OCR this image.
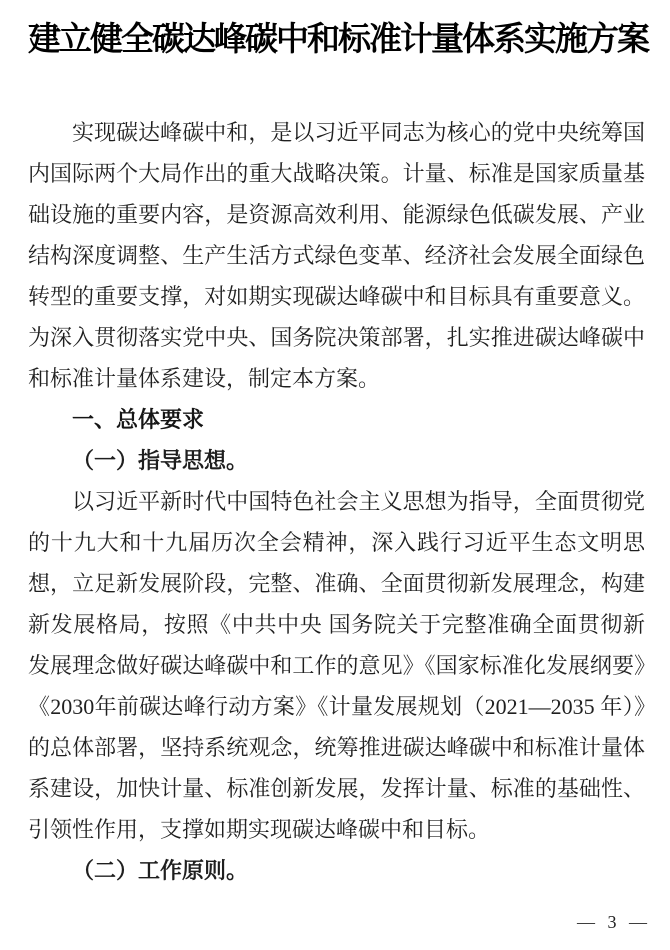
建立健全碳达峰碳中和标准计量体系实施方案

实现碳达峰碳中和，是以习近平同志为核心的党中央统筹国内国际两个大局作出的重大战略决策。计量、标准是国家质量基础设施的重要内容，是资源高效利用、能源绿色低碳发展、产业结构深度调整、生产生活方式绿色变革、经济社会发展全面绿色转型的重要支撑，对如期实现碳达峰碳中和目标具有重要意义。为深入贯彻落实党中央、国务院决策部署，扎实推进碳达峰碳中和标准计量体系建设，制定本方案。

一、总体要求
（一）指导思想。

以习近平新时代中国特色社会主义思想为指导，全面贯彻党的十九大和十九届历次全会精神，深入践行习近平生态文明思想，立足新发展阶段，完整、准确、全面贯彻新发展理念，构建新发展格局，按照《中共中央 国务院关于完整准确全面贯彻新发展理念做好碳达峰碳中和工作的意见》《国家标准化发展纲要》《2030年前碳达峰行动方案》《计量发展规划（2021—2035 年）》的总体部署，坚持系统观念，统筹推进碳达峰碳中和标准计量体系建设，加快计量、标准创新发展，发挥计量、标准的基础性、引领性作用，支撑如期实现碳达峰碳中和目标。

（二）工作原则。
— 3 —
